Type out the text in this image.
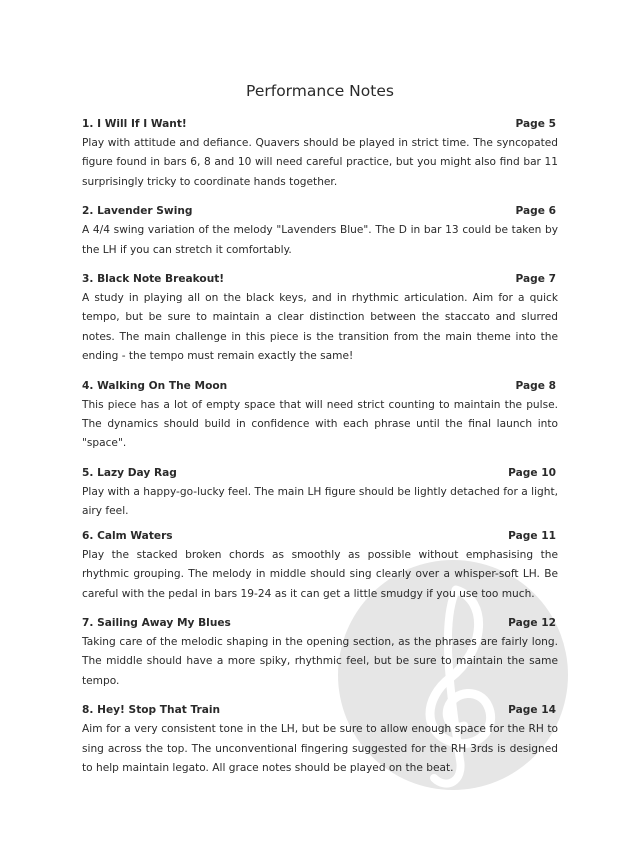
Performance Notes
1. I Will If I Want!	Page 5

Play with attitude and defiance. Quavers should be played in strict time. The syncopated figure found in bars 6, 8 and 10 will need careful practice, but you might also find bar 11 surprisingly tricky to coordinate hands together.

2. Lavender Swing	Page 6

A 4/4 swing variation of the melody "Lavenders Blue". The D in bar 13 could be taken by the LH if you can stretch it comfortably.

3. Black Note Breakout!	Page 7

A study in playing all on the black keys, and in rhythmic articulation. Aim for a quick tempo, but be sure to maintain a clear distinction between the staccato and slurred notes. The main challenge in this piece is the transition from the main theme into the ending - the tempo must remain exactly the same!

4. Walking On The Moon	Page 8

This piece has a lot of empty space that will need strict counting to maintain the pulse. The dynamics should build in confidence with each phrase until the final launch into "space".

5. Lazy Day Rag	Page 10

Play with a happy-go-lucky feel. The main LH figure should be lightly detached for a light, airy feel.

6. Calm Waters	Page 11

Play the stacked broken chords as smoothly as possible without emphasising the rhythmic grouping. The melody in middle should sing clearly over a whisper-soft LH. Be careful with the pedal in bars 19-24 as it can get a little smudgy if you use too much.

7. Sailing Away My Blues	Page 12

Taking care of the melodic shaping in the opening section, as the phrases are fairly long. The middle should have a more spiky, rhythmic feel, but be sure to maintain the same tempo.

8. Hey! Stop That Train	Page 14

Aim for a very consistent tone in the LH, but be sure to allow enough space for the RH to sing across the top. The unconventional fingering suggested for the RH 3rds is designed to help maintain legato. All grace notes should be played on the beat.
